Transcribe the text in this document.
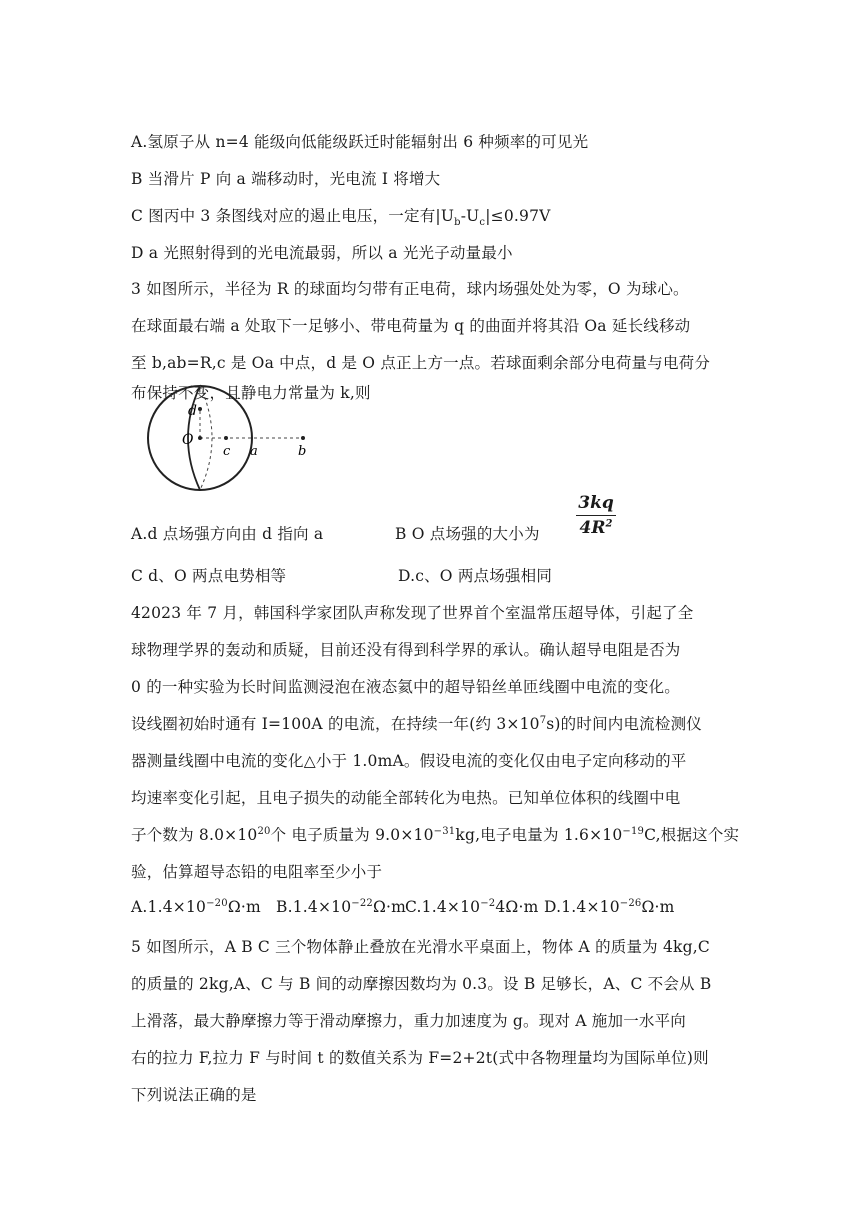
A.氢原子从 n=4 能级向低能级跃迁时能辐射出 6 种频率的可见光
B 当滑片 P 向 a 端移动时，光电流 I 将增大
C 图丙中 3 条图线对应的遏止电压，一定有$|U_b-U_c|\le 0.97V$
D a 光照射得到的光电流最弱，所以 a 光光子动量最小
3 如图所示，半径为 R 的球面均匀带有正电荷，球内场强处处为零，O 为球心。
在球面最右端 a 处取下一足够小、带电荷量为 q 的曲面并将其沿 Oa 延长线移动
至 b,ab=R,c 是 Oa 中点，d 是 O 点正上方一点。若球面剩余部分电荷量与电荷分
布保持不变，且静电力常量为 k,则
d
O
c a	b
A.d 点场强方向由 d 指向 a	B O 点场强的大小为 $\frac{3kq}{4R^2}$
C d、O 两点电势相等	D.c、O 两点场强相同
42023 年 7 月，韩国科学家团队声称发现了世界首个室温常压超导体，引起了全
球物理学界的轰动和质疑，目前还没有得到科学界的承认。确认超导电阻是否为
0 的一种实验为长时间监测浸泡在液态氦中的超导铅丝单匝线圈中电流的变化。
设线圈初始时通有 I=100A 的电流，在持续一年(约 $3\times 10^7s$)的时间内电流检测仪
器测量线圈中电流的变化△小于 1.0mA。假设电流的变化仅由电子定向移动的平
均速率变化引起，且电子损失的动能全部转化为电热。已知单位体积的线圈中电
子个数为 $8.0\times 10^{20}$个 电子质量为 $9.0\times 10^{-31}kg$,电子电量为 $1.6\times 10^{-19}C$,根据这个实
验，估算超导态铅的电阻率至少小于
$A.1.4\times 10^{-20}\Omega\cdot m$ $B.1.4\times 10^{-22}\Omega\cdot m$
$C.1.4\times 10^{-2}4\Omega\cdot m$ $D.1.4\times 10^{-26}\Omega\cdot m$
5 如图所示，A B C 三个物体静止叠放在光滑水平桌面上，物体 A 的质量为 4kg,C
的质量的 2kg,A、C 与 B 间的动摩擦因数均为 0.3。设 B 足够长，A、C 不会从 B
上滑落，最大静摩擦力等于滑动摩擦力，重力加速度为 g。现对 A 施加一水平向
右的拉力 F,拉力 F 与时间 t 的数值关系为 F=2+2t(式中各物理量均为国际单位)则
下列说法正确的是
